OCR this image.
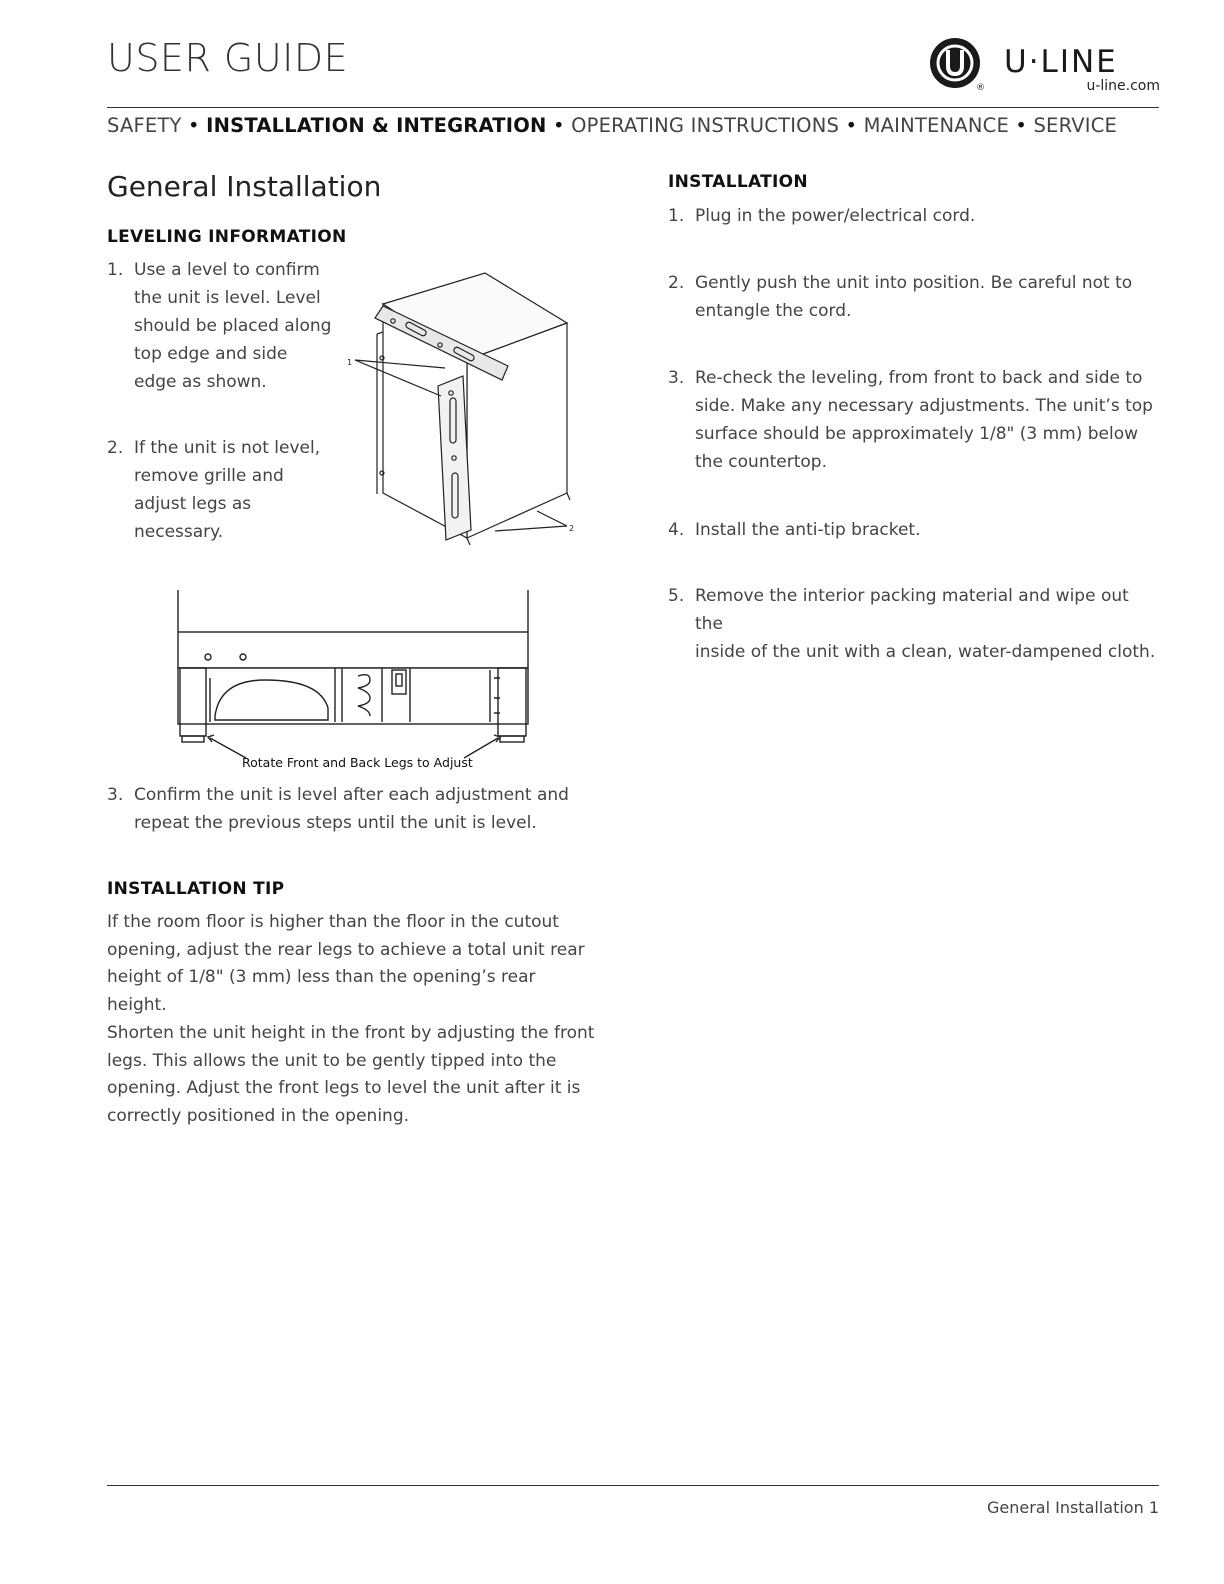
USER GUIDE
®
U·LINE
u-line.com
SAFETY • INSTALLATION & INTEGRATION • OPERATING INSTRUCTIONS • MAINTENANCE • SERVICE
General Installation
LEVELING INFORMATION
1. Use a level to confirm
the unit is level. Level
should be placed along
top edge and side
edge as shown.
2. If the unit is not level,
remove grille and
adjust legs as
necessary.
1
2
Rotate Front and Back Legs to Adjust
3. Confirm the unit is level after each adjustment and
repeat the previous steps until the unit is level.
INSTALLATION TIP
If the room floor is higher than the floor in the cutout
opening, adjust the rear legs to achieve a total unit rear
height of 1/8" (3 mm) less than the opening’s rear height.
Shorten the unit height in the front by adjusting the front
legs. This allows the unit to be gently tipped into the
opening. Adjust the front legs to level the unit after it is
correctly positioned in the opening.
INSTALLATION
1. Plug in the power/electrical cord.
2. Gently push the unit into position. Be careful not to
entangle the cord.
3. Re-check the leveling, from front to back and side to
side. Make any necessary adjustments. The unit’s top
surface should be approximately 1/8" (3 mm) below
the countertop.
4. Install the anti-tip bracket.
5. Remove the interior packing material and wipe out the
inside of the unit with a clean, water-dampened cloth.
General Installation 1
